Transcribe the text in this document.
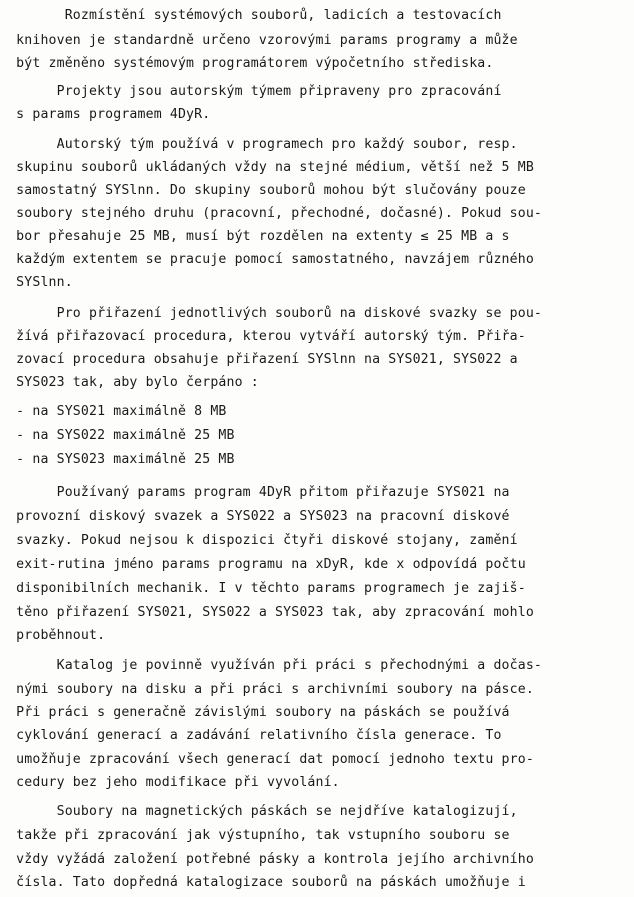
Rozmístění systémových souborů, ladicích a testovacích
knihoven je standardně určeno vzorovými params programy a může
být změněno systémovým programátorem výpočetního střediska.
Projekty jsou autorským týmem připraveny pro zpracování
s params programem 4DyR.
Autorský tým používá v programech pro každý soubor, resp.
skupinu souborů ukládaných vždy na stejné médium, větší než 5 MB
samostatný SYSlnn. Do skupiny souborů mohou být slučovány pouze
soubory stejného druhu (pracovní, přechodné, dočasné). Pokud sou-
bor přesahuje 25 MB, musí být rozdělen na extenty ≤ 25 MB a s
každým extentem se pracuje pomocí samostatného, navzájem různého
SYSlnn.
Pro přiřazení jednotlivých souborů na diskové svazky se pou-
žívá přiřazovací procedura, kterou vytváří autorský tým. Přiřa-
zovací procedura obsahuje přiřazení SYSlnn na SYS021, SYS022 a
SYS023 tak, aby bylo čerpáno :
- na SYS021 maximálně 8 MB
- na SYS022 maximálně 25 MB
- na SYS023 maximálně 25 MB
Používaný params program 4DyR přitom přiřazuje SYS021 na
provozní diskový svazek a SYS022 a SYS023 na pracovní diskové
svazky. Pokud nejsou k dispozici čtyři diskové stojany, zamění
exit-rutina jméno params programu na xDyR, kde x odpovídá počtu
disponibilních mechanik. I v těchto params programech je zajiš-
těno přiřazení SYS021, SYS022 a SYS023 tak, aby zpracování mohlo
proběhnout.
Katalog je povinně využíván při práci s přechodnými a dočas-
nými soubory na disku a při práci s archivními soubory na pásce.
Při práci s generačně závislými soubory na páskách se používá
cyklování generací a zadávání relativního čísla generace. To
umožňuje zpracování všech generací dat pomocí jednoho textu pro-
cedury bez jeho modifikace při vyvolání.
Soubory na magnetických páskách se nejdříve katalogizují,
takže při zpracování jak výstupního, tak vstupního souboru se
vždy vyžádá založení potřebné pásky a kontrola jejího archivního
čísla. Tato dopředná katalogizace souborů na páskách umožňuje i
